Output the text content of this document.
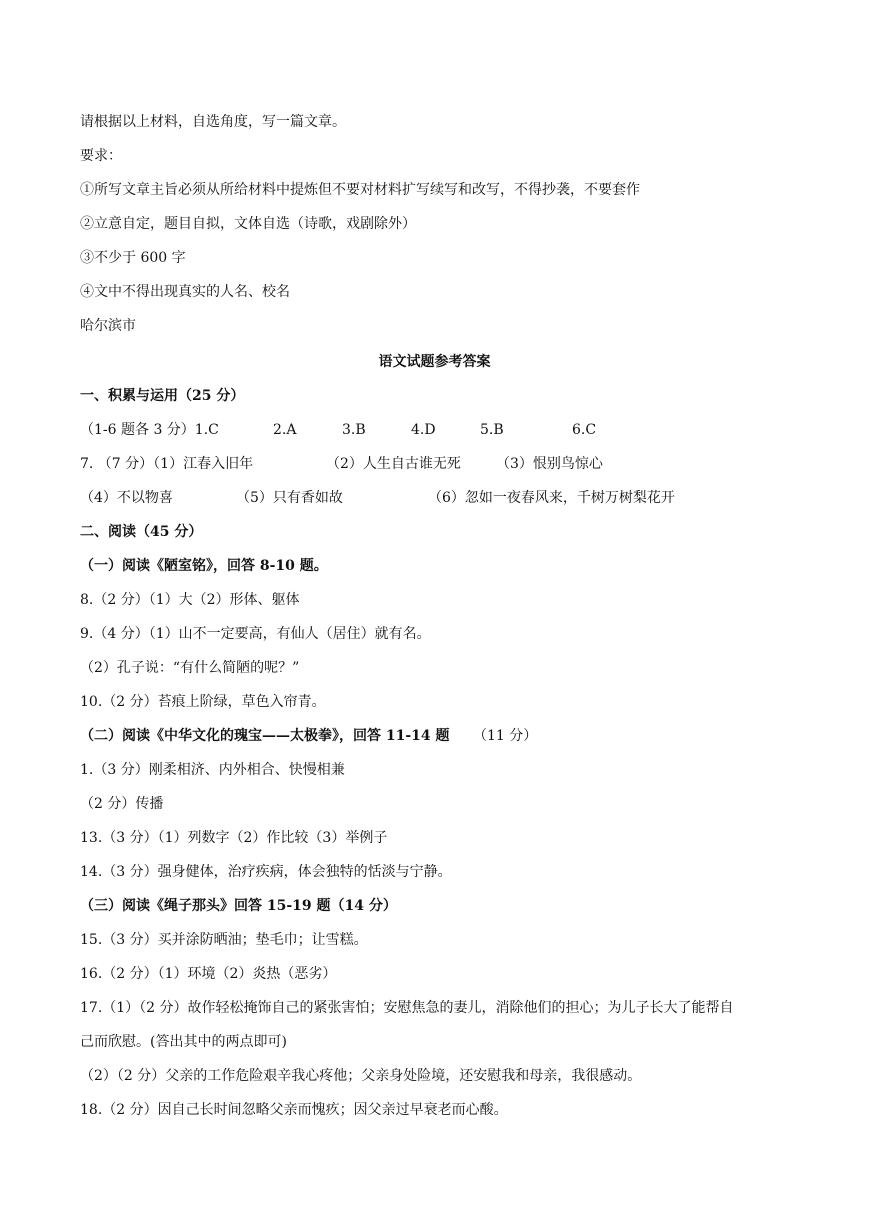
请根据以上材料，自选角度，写一篇文章。
要求：
①所写文章主旨必须从所给材料中提炼但不要对材料扩写续写和改写，不得抄袭，不要套作
②立意自定，题目自拟，文体自选（诗歌，戏剧除外）
③不少于 600 字
④文中不得出现真实的人名、校名
哈尔滨市
语文试题参考答案
一、积累与运用（25 分）
（1-6 题各 3 分）1.C	2.A	3.B	4.D	5.B	6.C
7. （7 分）（1）江春入旧年	（2）人生自古谁无死	（3）恨别鸟惊心
（4）不以物喜	（5）只有香如故	（6）忽如一夜春风来，千树万树梨花开
二、阅读（45 分）
（一）阅读《陋室铭》，回答 8-10 题。
8.（2 分）（1）大（2）形体、躯体
9.（4 分）（1）山不一定要高，有仙人（居住）就有名。
（2）孔子说：“有什么简陋的呢？”
10.（2 分）苔痕上阶绿，草色入帘青。
（二）阅读《中华文化的瑰宝——太极拳》，回答 11-14 题 （11 分）
1.（3 分）刚柔相济、内外相合、快慢相兼
（2 分）传播
13.（3 分）（1）列数字（2）作比较（3）举例子
14.（3 分）强身健体，治疗疾病，体会独特的恬淡与宁静。
（三）阅读《绳子那头》回答 15-19 题（14 分）
15.（3 分）买并涂防晒油；垫毛巾；让雪糕。
16.（2 分）（1）环境（2）炎热（恶劣）
17.（1）（2 分）故作轻松掩饰自己的紧张害怕；安慰焦急的妻儿，消除他们的担心；为儿子长大了能帮自
己而欣慰。(答出其中的两点即可)
（2）（2 分）父亲的工作危险艰辛我心疼他；父亲身处险境，还安慰我和母亲，我很感动。
18.（2 分）因自己长时间忽略父亲而愧疚；因父亲过早衰老而心酸。
